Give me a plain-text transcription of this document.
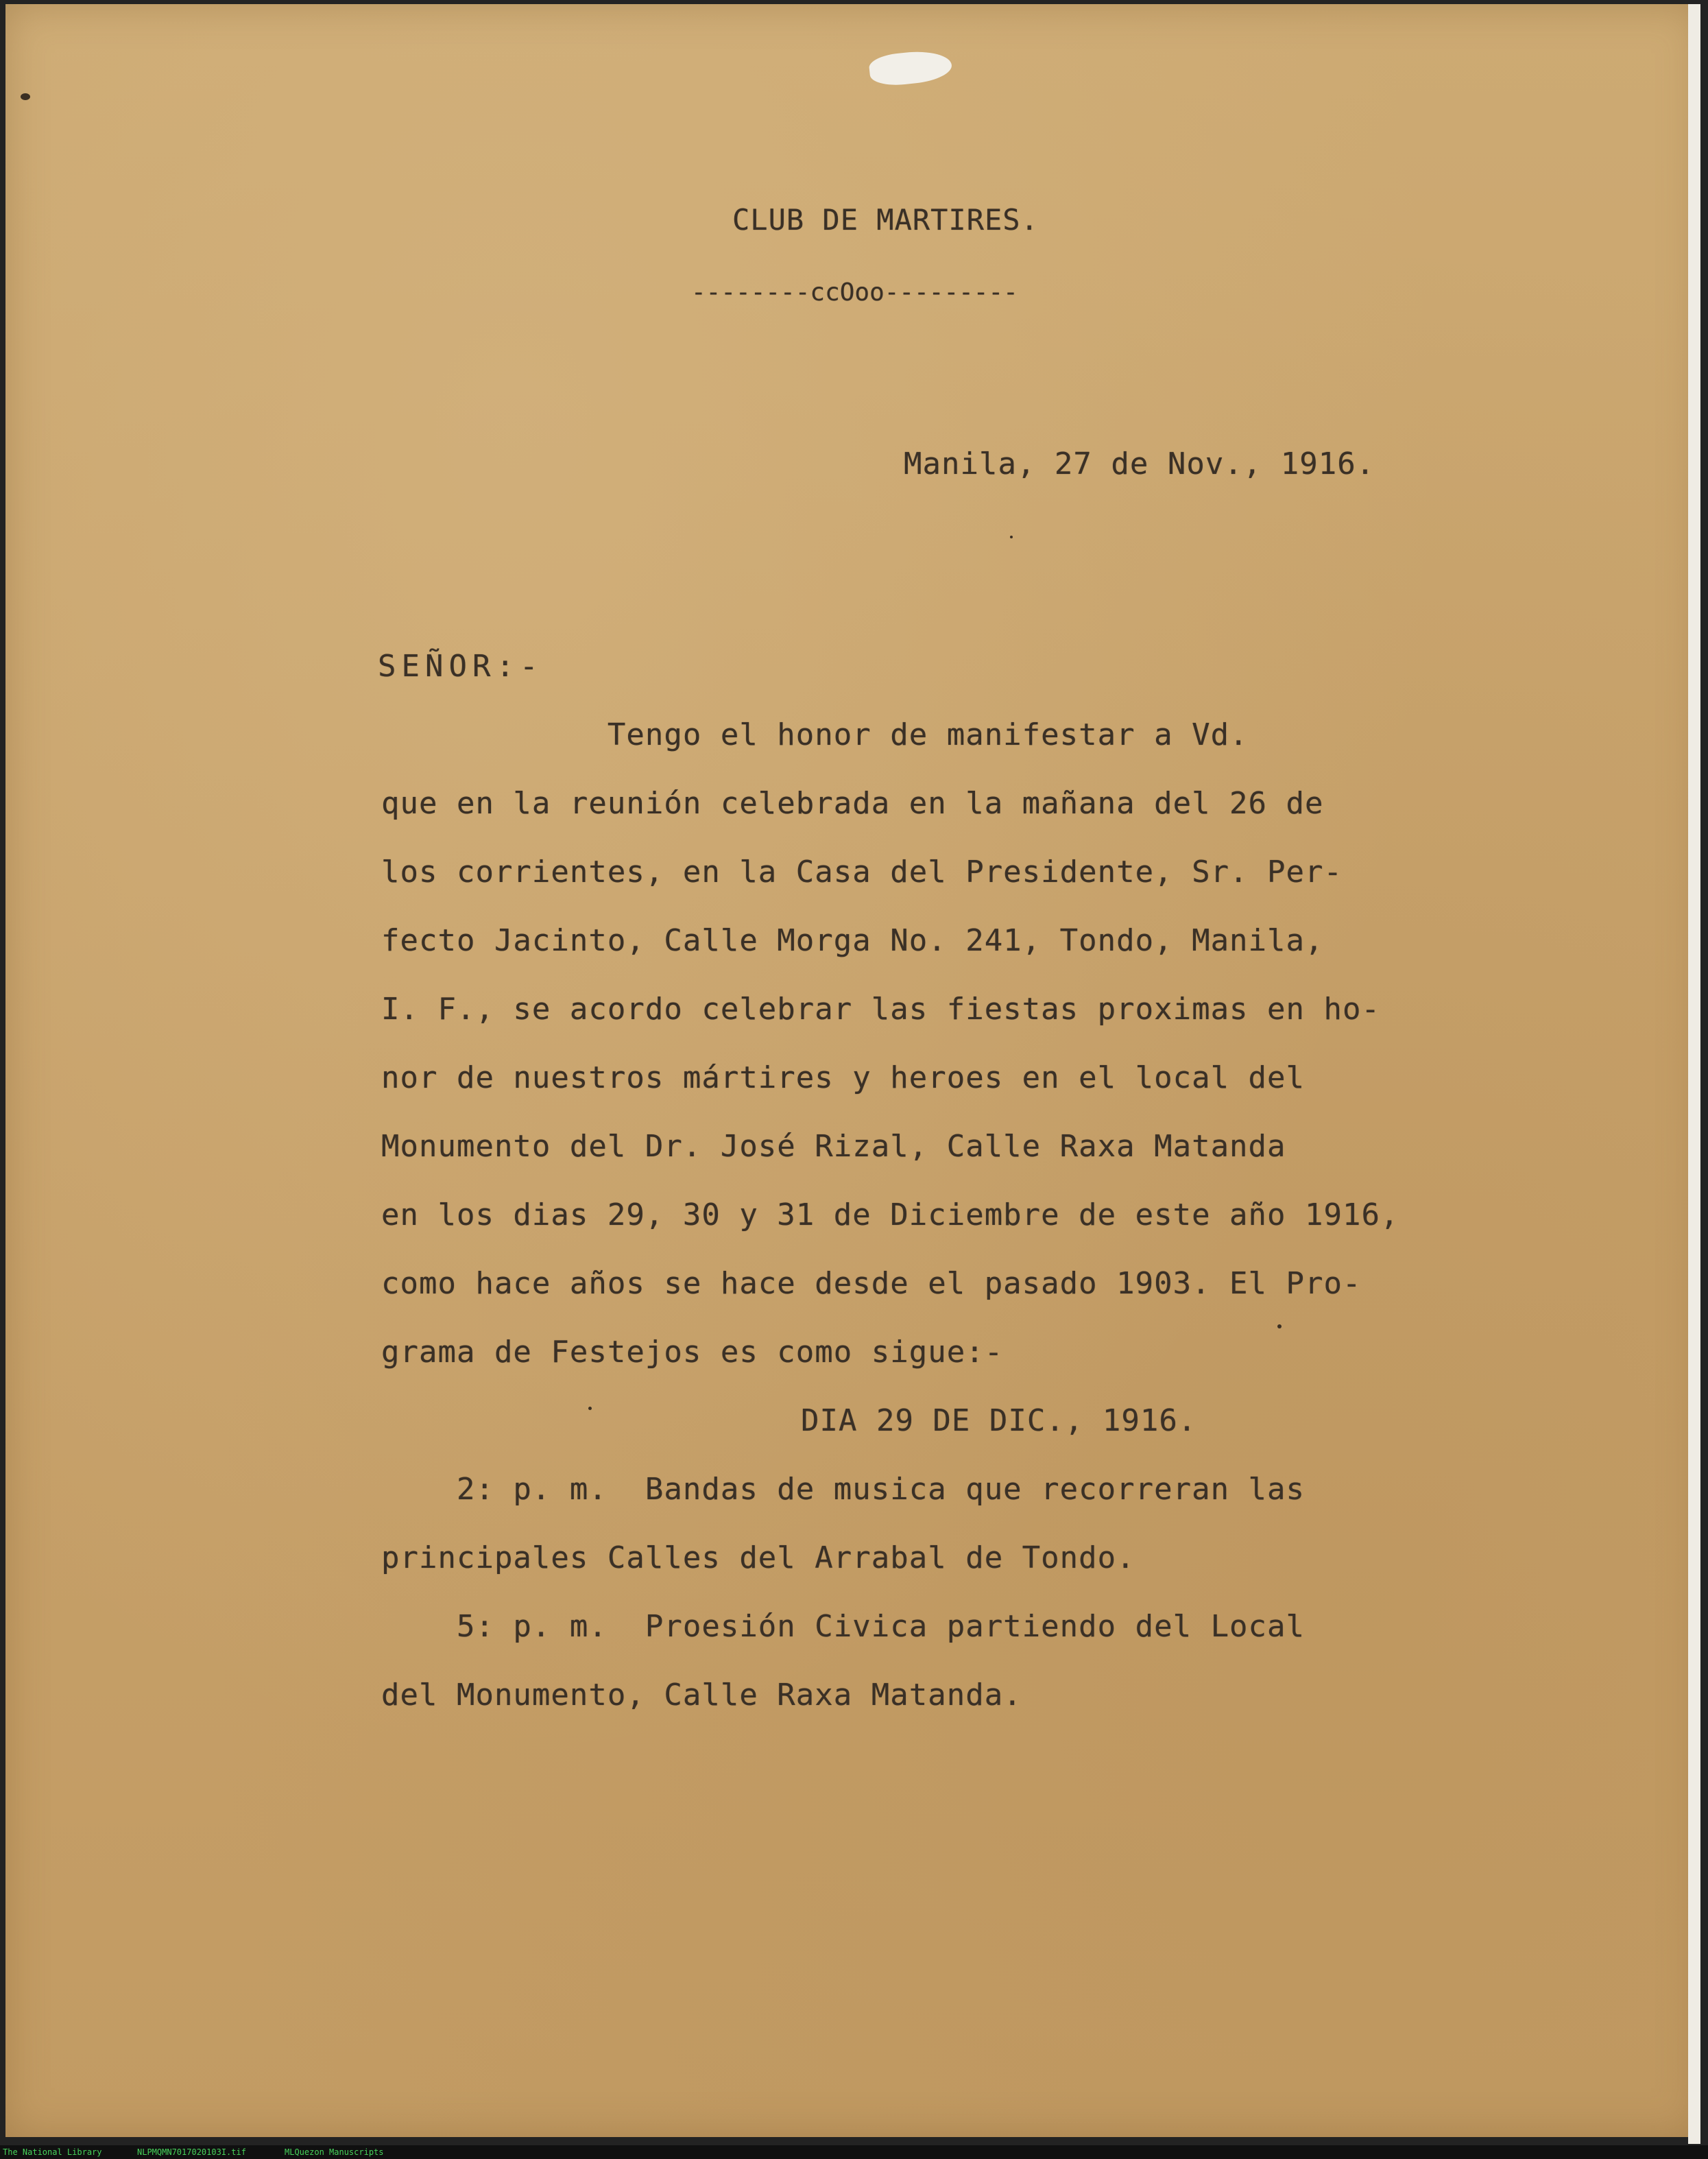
CLUB DE MARTIRES.
--------ccOoo---------
Manila, 27 de Nov., 1916.
SEÑOR:-
Tengo el honor de manifestar a Vd.
que en la reunión celebrada en la mañana del 26 de
los corrientes, en la Casa del Presidente, Sr. Per-
fecto Jacinto, Calle Morga No. 241, Tondo, Manila,
I. F., se acordo celebrar las fiestas proximas en ho-
nor de nuestros mártires y heroes en el local del
Monumento del Dr. José Rizal, Calle Raxa Matanda
en los dias 29, 30 y 31 de Diciembre de este año 1916,
como hace años se hace desde el pasado 1903. El Pro-
grama de Festejos es como sigue:-
DIA 29 DE DIC., 1916.
2: p. m.  Bandas de musica que recorreran las
principales Calles del Arrabal de Tondo.
5: p. m.  Proesión Civica partiendo del Local
del Monumento, Calle Raxa Matanda.

The National Library

	NLPMQMN7017020103I.tif

	MLQuezon Manuscripts
